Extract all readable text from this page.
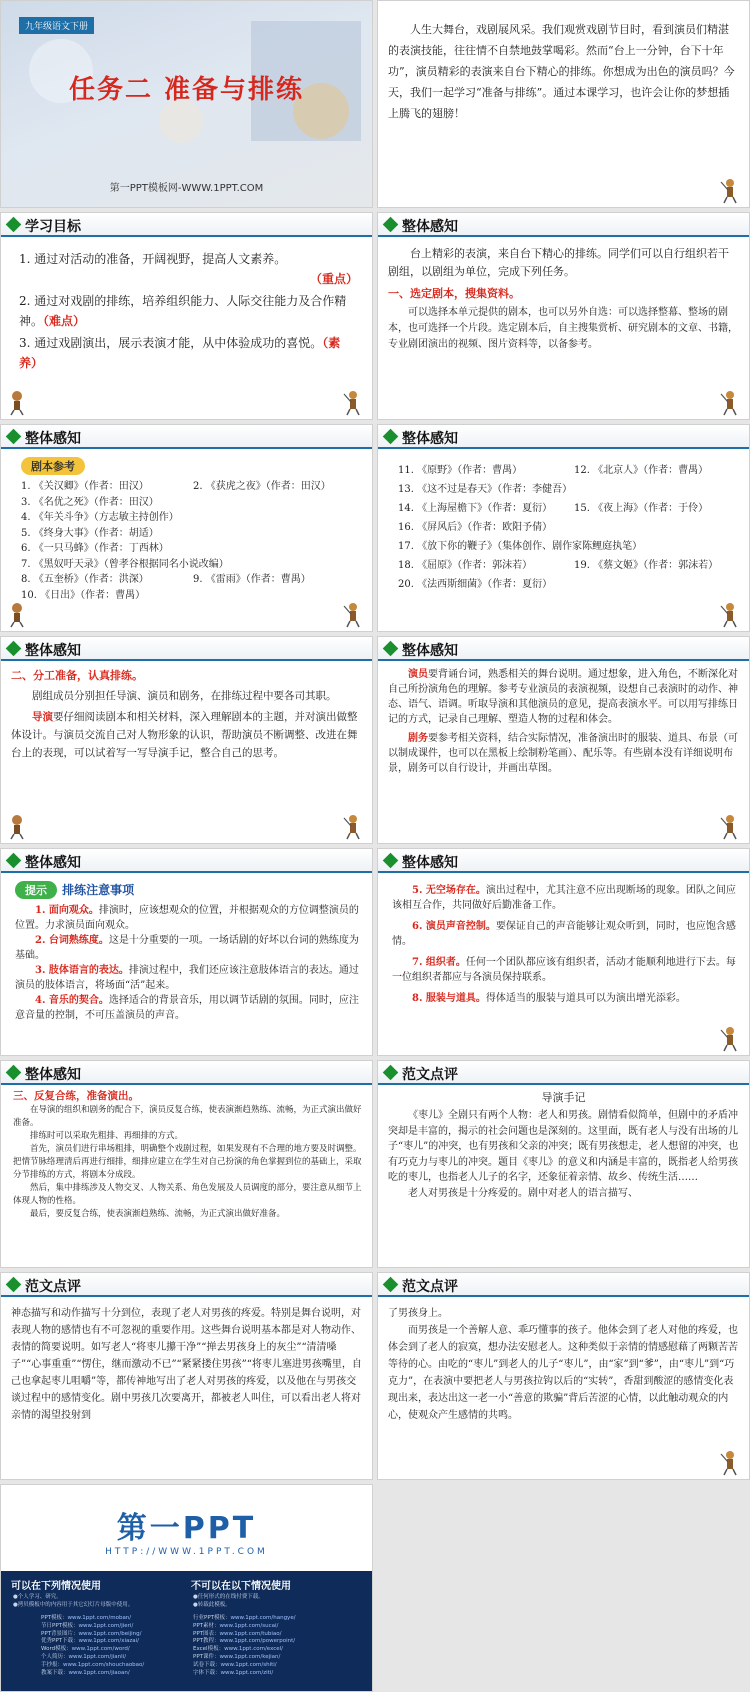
九年级语文下册
任务二 准备与排练
第一PPT模板网-WWW.1PPT.COM
人生大舞台，戏剧展风采。我们观赏戏剧节目时，看到演员们精湛的表演技能，往往情不自禁地鼓掌喝彩。然而“台上一分钟，台下十年功”，演员精彩的表演来自台下精心的排练。你想成为出色的演员吗？今天，我们一起学习“准备与排练”。通过本课学习，也许会让你的梦想插上腾飞的翅膀！
学习目标
1. 通过对活动的准备，开阔视野，提高人文素养。
（重点）
2. 通过对戏剧的排练，培养组织能力、人际交往能力及合作精神。（难点）
3. 通过戏剧演出，展示表演才能，从中体验成功的喜悦。（素养）
整体感知
台上精彩的表演，来自台下精心的排练。同学们可以自行组织若干剧组，以剧组为单位，完成下列任务。
一、选定剧本，搜集资料。
可以选择本单元提供的剧本，也可以另外自选：可以选择整幕、整场的剧本，也可选择一个片段。选定剧本后，自主搜集赏析、研究剧本的文章、书籍，专业剧团演出的视频、图片资料等，以备参考。
整体感知
剧本参考
1. 《关汉卿》（作者：田汉）	2. 《获虎之夜》（作者：田汉）
3. 《名优之死》（作者：田汉）
4. 《年关斗争》（方志敏主持创作）
5. 《终身大事》（作者：胡适）
6. 《一只马蜂》（作者：丁西林）
7. 《黑奴吁天录》（曾孝谷根据同名小说改编）
8. 《五奎桥》（作者：洪深）	9. 《雷雨》（作者：曹禺）
10. 《日出》（作者：曹禺）
整体感知
11. 《原野》（作者：曹禺）	12. 《北京人》（作者：曹禺）
13. 《这不过是春天》（作者：李健吾）
14. 《上海屋檐下》（作者：夏衍） 15. 《夜上海》（作者：于伶）
16. 《屏风后》（作者：欧阳予倩）
17. 《放下你的鞭子》（集体创作、剧作家陈鲤庭执笔）
18. 《屈原》（作者：郭沫若）	19. 《蔡文姬》（作者：郭沫若）
20. 《法西斯细菌》（作者：夏衍）
整体感知
二、分工准备，认真排练。
剧组成员分别担任导演、演员和剧务，在排练过程中要各司其职。
导演要仔细阅读剧本和相关材料，深入理解剧本的主题，并对演出做整体设计。与演员交流自己对人物形象的认识，帮助演员不断调整、改进在舞台上的表现，可以试着写一写导演手记，整合自己的思考。
整体感知
演员要背诵台词，熟悉相关的舞台说明。通过想象，进入角色，不断深化对自己所扮演角色的理解。参考专业演员的表演视频，设想自己表演时的动作、神态、语气、语调。听取导演和其他演员的意见，提高表演水平。可以用写排练日记的方式，记录自己理解、塑造人物的过程和体会。
剧务要参考相关资料，结合实际情况，准备演出时的服装、道具、布景（可以制成课件，也可以在黑板上绘制粉笔画）、配乐等。有些剧本没有详细说明布景，剧务可以自行设计，并画出草图。
整体感知
提示 排练注意事项
1. 面向观众。排演时，应该想观众的位置，并根据观众的方位调整演员的位置。力求演员面向观众。
2. 台词熟练度。这是十分重要的一项。一场话剧的好坏以台词的熟练度为基础。
3. 肢体语言的表达。排演过程中，我们还应该注意肢体语言的表达。通过演员的肢体语言，将场面“活”起来。
4. 音乐的契合。选择适合的背景音乐，用以调节话剧的氛围。同时，应注意音量的控制，不可压盖演员的声音。
整体感知
5. 无空场存在。演出过程中，尤其注意不应出现断场的现象。团队之间应该相互合作，共同做好后勤准备工作。
6. 演员声音控制。要保证自己的声音能够让观众听到，同时，也应饱含感情。
7. 组织者。任何一个团队都应该有组织者，活动才能顺利地进行下去。每一位组织者都应与各演员保持联系。
8. 服装与道具。得体适当的服装与道具可以为演出增光添彩。
整体感知
三、反复合练，准备演出。
在导演的组织和剧务的配合下，演员反复合练，使表演渐趋熟练、流畅，为正式演出做好准备。
排练时可以采取先粗排、再细排的方式。
首先，演员们进行串场粗排，明确整个戏剧过程，如果发现有不合理的地方要及时调整。把情节脉络理清后再进行细排，细排应建立在学生对自己扮演的角色掌握到位的基础上，采取分节排练的方式，将剧本分成段。
然后，集中排练涉及人物交叉、人物关系、角色发展及人员调度的部分，要注意从细节上体现人物的性格。
最后，要反复合练，使表演渐趋熟练、流畅，为正式演出做好准备。
范文点评
导演手记
《枣儿》全剧只有两个人物：老人和男孩。剧情看似简单，但剧中的矛盾冲突却是丰富的，揭示的社会问题也是深刻的。这里面，既有老人与没有出场的儿子“枣儿”的冲突，也有男孩和父亲的冲突；既有男孩想走，老人想留的冲突，也有巧克力与枣儿的冲突。题目《枣儿》的意义和内涵是丰富的，既指老人给男孩吃的枣儿，也指老人儿子的名字，还象征着亲情、故乡、传统生活……
老人对男孩是十分疼爱的。剧中对老人的语言描写、
范文点评
神态描写和动作描写十分到位，表现了老人对男孩的疼爱。特别是舞台说明，对表现人物的感情也有不可忽视的重要作用。这些舞台说明基本都是对人物动作、表情的简要说明。如写老人“将枣儿攥干净”“掸去男孩身上的灰尘”“清清嗓子”“心事重重”“愣住，继而激动不已”“紧紧搂住男孩”“将枣儿塞进男孩嘴里，自己也拿起枣儿咀嚼”等，都传神地写出了老人对男孩的疼爱，以及他在与男孩交谈过程中的感情变化。剧中男孩几次要离开，都被老人叫住，可以看出老人将对亲情的渴望投射到
范文点评
了男孩身上。
而男孩是一个善解人意、乖巧懂事的孩子。他体会到了老人对他的疼爱，也体会到了老人的寂寞，想办法安慰老人。这种类似于亲情的情感慰藉了两颗苦苦等待的心。由吃的“枣儿”到老人的儿子“枣儿”，由“家”到“爹”，由“枣儿”到“巧克力”，在表演中要把老人与男孩拉钩以后的“实转”，香甜到酸涩的感情变化表现出来，表达出这一老一小“善意的欺骗”背后苦涩的心情，以此触动观众的内心，使观众产生感情的共鸣。
第一PPT
HTTP://WWW.1PPT.COM
可以在下列情况使用
●个人学习、研究。
●拷贝模板中的内容用于其它幻灯片母版中使用。
不可以在以下情况使用
●任何形式的在线付费下载。
●转载此模板。
PPT模板：www.1ppt.com/moban/
节日PPT模板：www.1ppt.com/jieri/
PPT背景图片：www.1ppt.com/beijing/
优秀PPT下载：www.1ppt.com/xiazai/
Word模板：www.1ppt.com/word/
个人简历：www.1ppt.com/jianli/
手抄报：www.1ppt.com/shouchaobao/
教案下载：www.1ppt.com/jiaoan/
行业PPT模板：www.1ppt.com/hangye/
PPT素材：www.1ppt.com/sucai/
PPT图表：www.1ppt.com/tubiao/
PPT教程：www.1ppt.com/powerpoint/
Excel模板：www.1ppt.com/excel/
PPT课件：www.1ppt.com/kejian/
试卷下载：www.1ppt.com/shiti/
字体下载：www.1ppt.com/ziti/
